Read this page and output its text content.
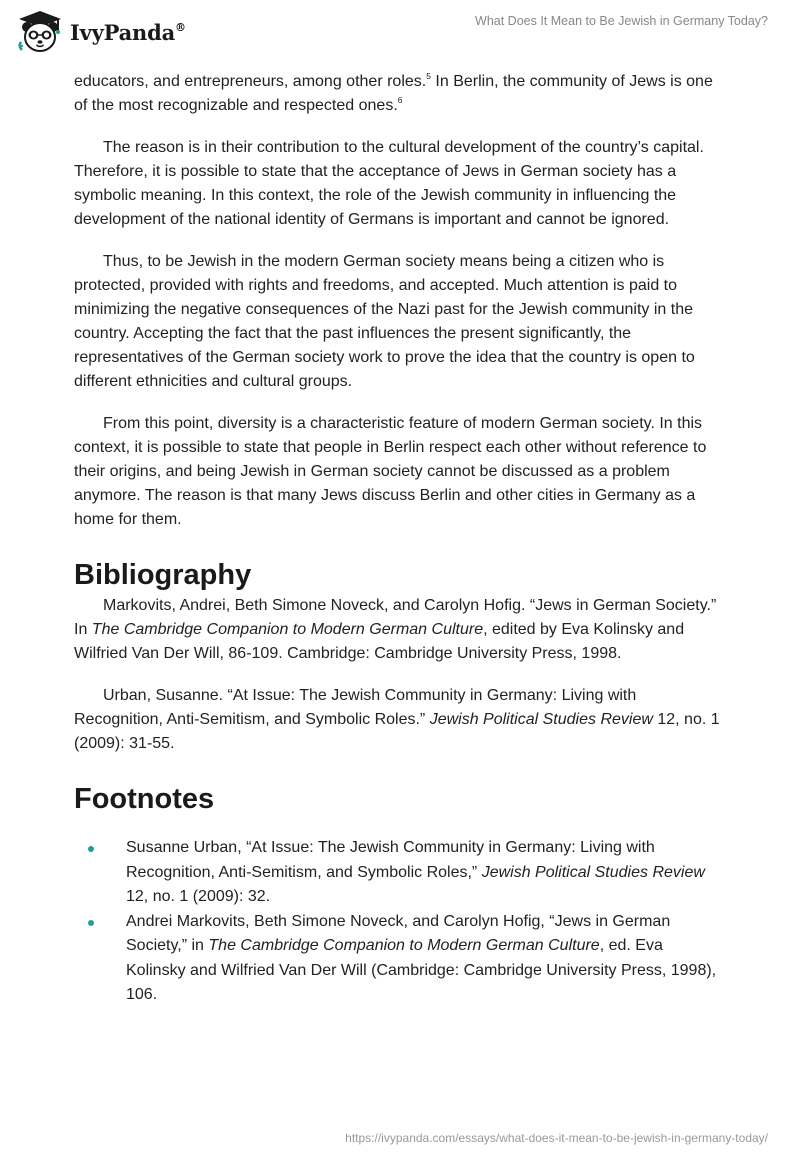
IvyPanda®	What Does It Mean to Be Jewish in Germany Today?

educators, and entrepreneurs, among other roles.$^5$ In Berlin, the community of Jews is one of the most recognizable and respected ones.$^6$

The reason is in their contribution to the cultural development of the country’s capital. Therefore, it is possible to state that the acceptance of Jews in German society has a symbolic meaning. In this context, the role of the Jewish community in influencing the development of the national identity of Germans is important and cannot be ignored.

Thus, to be Jewish in the modern German society means being a citizen who is protected, provided with rights and freedoms, and accepted. Much attention is paid to minimizing the negative consequences of the Nazi past for the Jewish community in the country. Accepting the fact that the past influences the present significantly, the representatives of the German society work to prove the idea that the country is open to different ethnicities and cultural groups.

From this point, diversity is a characteristic feature of modern German society. In this context, it is possible to state that people in Berlin respect each other without reference to their origins, and being Jewish in German society cannot be discussed as a problem anymore. The reason is that many Jews discuss Berlin and other cities in Germany as a home for them.

Bibliography

Markovits, Andrei, Beth Simone Noveck, and Carolyn Hofig. “Jews in German Society.” In The Cambridge Companion to Modern German Culture, edited by Eva Kolinsky and Wilfried Van Der Will, 86-109. Cambridge: Cambridge University Press, 1998.

Urban, Susanne. “At Issue: The Jewish Community in Germany: Living with Recognition, Anti-Semitism, and Symbolic Roles.” Jewish Political Studies Review 12, no. 1 (2009): 31-55.

Footnotes
Susanne Urban, “At Issue: The Jewish Community in Germany: Living with Recognition, Anti-Semitism, and Symbolic Roles,” Jewish Political Studies Review 12, no. 1 (2009): 32.
Andrei Markovits, Beth Simone Noveck, and Carolyn Hofig, “Jews in German Society,” in The Cambridge Companion to Modern German Culture, ed. Eva Kolinsky and Wilfried Van Der Will (Cambridge: Cambridge University Press, 1998), 106.
https://ivypanda.com/essays/what-does-it-mean-to-be-jewish-in-germany-today/
